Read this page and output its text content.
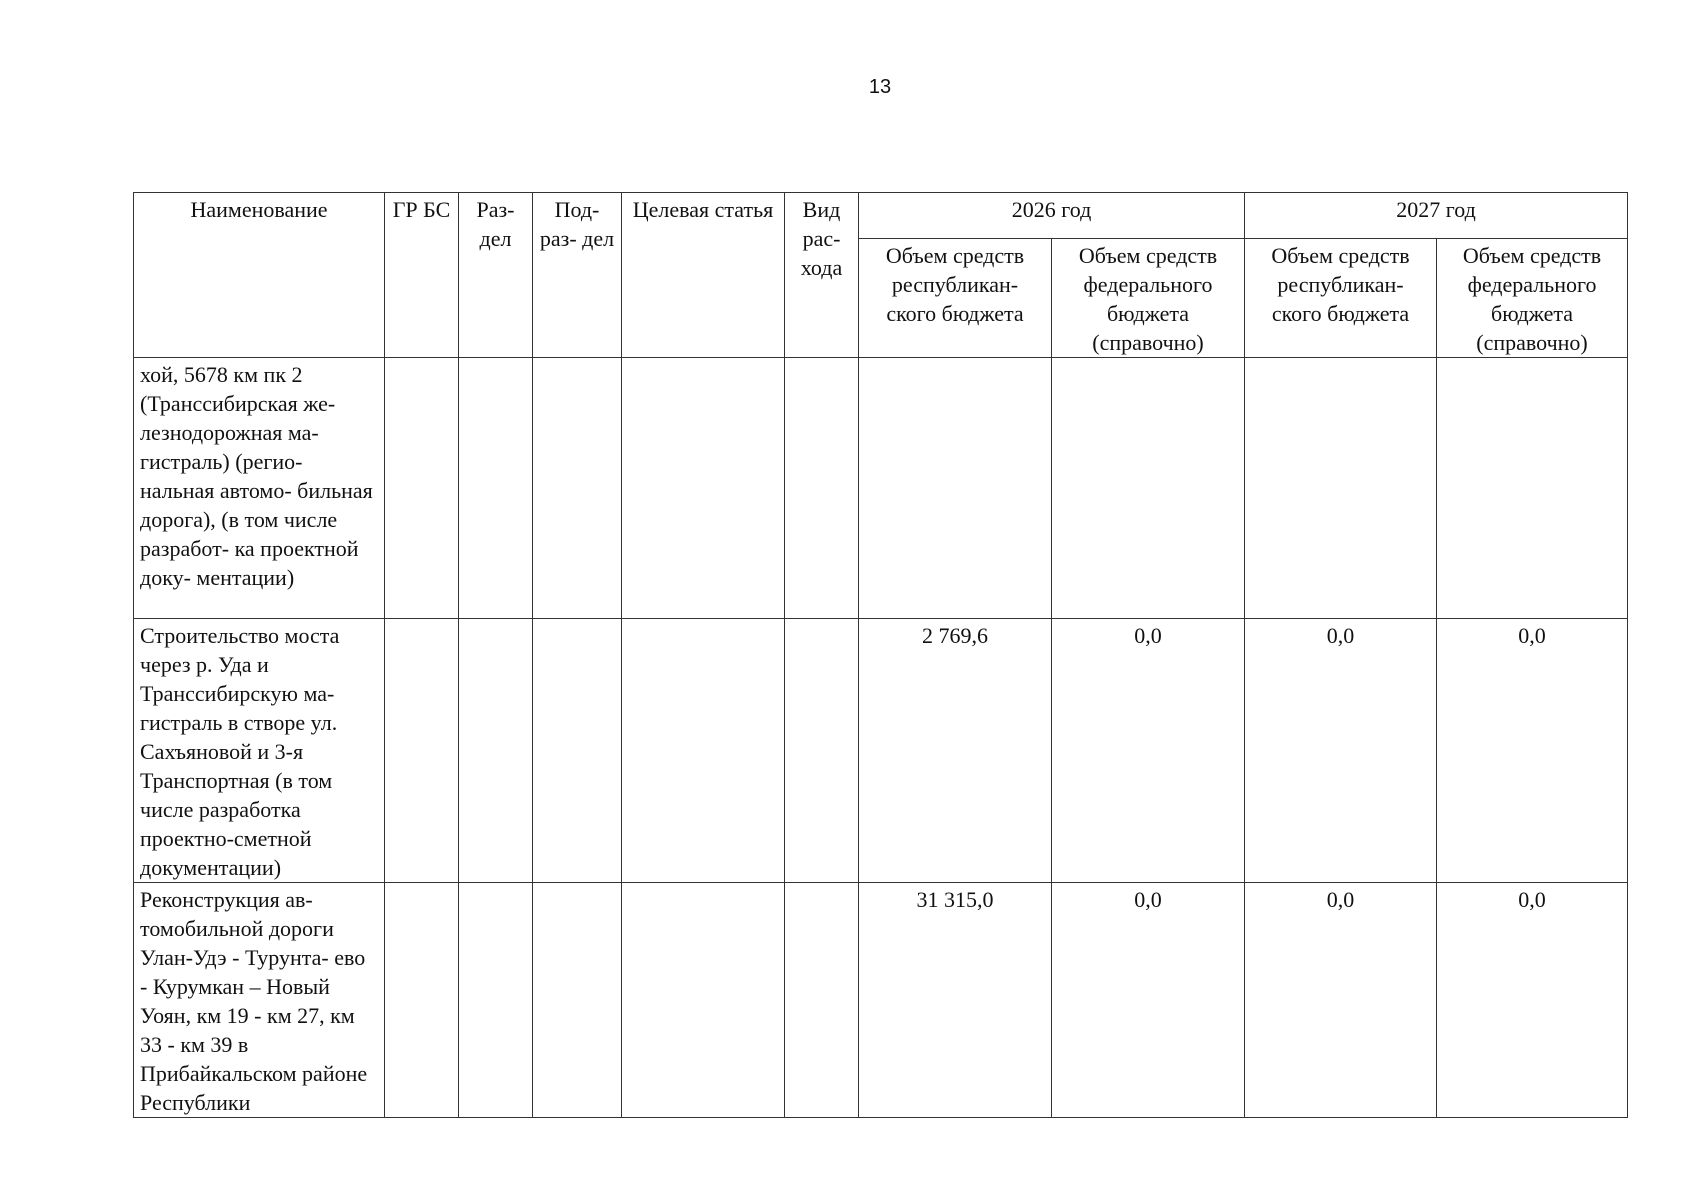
13
Наименование	ГР БС	Раз- дел	Под- раз- дел	Целевая статья	Вид рас- хода	2026 год		2027 год	
						Объем средств республикан- ского бюджета	Объем средств федерального бюджета (справочно)	Объем средств республикан- ского бюджета	Объем средств федерального бюджета (справочно)
хой, 5678 км пк 2 (Транссибирская же- лезнодорожная ма- гистраль) (регио- нальная автомо- бильная дорога), (в том числе разработ- ка проектной доку- ментации)									
Строительство моста через р. Уда и Транссибирскую ма- гистраль в створе ул. Сахъяновой и 3-я Транспортная (в том числе разработка проектно-сметной документации)						2 769,6	0,0	0,0	0,0
Реконструкция ав- томобильной дороги Улан-Удэ - Турунта- ево - Курумкан – Новый Уоян, км 19 - км 27, км 33 - км 39 в Прибайкальском районе Республики						31 315,0	0,0	0,0	0,0
